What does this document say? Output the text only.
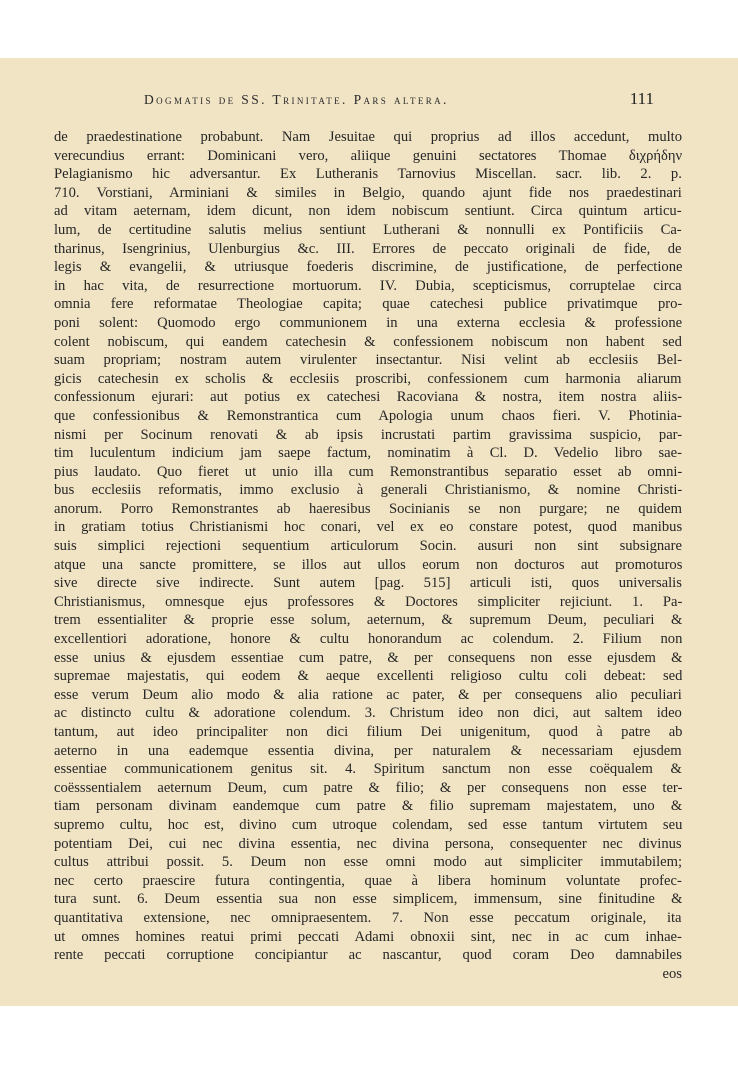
Dogmatis de SS. Trinitate. Pars altera.	111
de praedestinatione probabunt. Nam Jesuitae qui proprius ad illos accedunt, multo
verecundius errant: Dominicani vero, aliique genuini sectatores Thomae διχρήδην
Pelagianismo hic adversantur. Ex Lutheranis Tarnovius Miscellan. sacr. lib. 2. p.
710. Vorstiani, Arminiani & similes in Belgio, quando ajunt fide nos praedestinari
ad vitam aeternam, idem dicunt, non idem nobiscum sentiunt. Circa quintum articu-
lum, de certitudine salutis melius sentiunt Lutherani & nonnulli ex Pontificiis Ca-
tharinus, Isengrinius, Ulenburgius &c. III. Errores de peccato originali de fide, de
legis & evangelii, & utriusque foederis discrimine, de justificatione, de perfectione
in hac vita, de resurrectione mortuorum. IV. Dubia, scepticismus, corruptelae circa
omnia fere reformatae Theologiae capita; quae catechesi publice privatimque pro-
poni solent: Quomodo ergo communionem in una externa ecclesia & professione
colent nobiscum, qui eandem catechesin & confessionem nobiscum non habent sed
suam propriam; nostram autem virulenter insectantur. Nisi velint ab ecclesiis Bel-
gicis catechesin ex scholis & ecclesiis proscribi, confessionem cum harmonia aliarum
confessionum ejurari: aut potius ex catechesi Racoviana & nostra, item nostra aliis-
que confessionibus & Remonstrantica cum Apologia unum chaos fieri. V. Photinia-
nismi per Socinum renovati & ab ipsis incrustati partim gravissima suspicio, par-
tim luculentum indicium jam saepe factum, nominatim à Cl. D. Vedelio libro sae-
pius laudato. Quo fieret ut unio illa cum Remonstrantibus separatio esset ab omni-
bus ecclesiis reformatis, immo exclusio à generali Christianismo, & nomine Christi-
anorum. Porro Remonstrantes ab haeresibus Socinianis se non purgare; ne quidem
in gratiam totius Christianismi hoc conari, vel ex eo constare potest, quod manibus
suis simplici rejectioni sequentium articulorum Socin. ausuri non sint subsignare
atque una sancte promittere, se illos aut ullos eorum non docturos aut promoturos
sive directe sive indirecte. Sunt autem [pag. 515] articuli isti, quos universalis
Christianismus, omnesque ejus professores & Doctores simpliciter rejiciunt. 1. Pa-
trem essentialiter & proprie esse solum, aeternum, & supremum Deum, peculiari &
excellentiori adoratione, honore & cultu honorandum ac colendum. 2. Filium non
esse unius & ejusdem essentiae cum patre, & per consequens non esse ejusdem &
supremae majestatis, qui eodem & aeque excellenti religioso cultu coli debeat: sed
esse verum Deum alio modo & alia ratione ac pater, & per consequens alio peculiari
ac distincto cultu & adoratione colendum. 3. Christum ideo non dici, aut saltem ideo
tantum, aut ideo principaliter non dici filium Dei unigenitum, quod à patre ab
aeterno in una eademque essentia divina, per naturalem & necessariam ejusdem
essentiae communicationem genitus sit. 4. Spiritum sanctum non esse coëqualem &
coësssentialem aeternum Deum, cum patre & filio; & per consequens non esse ter-
tiam personam divinam eandemque cum patre & filio supremam majestatem, uno &
supremo cultu, hoc est, divino cum utroque colendam, sed esse tantum virtutem seu
potentiam Dei, cui nec divina essentia, nec divina persona, consequenter nec divinus
cultus attribui possit. 5. Deum non esse omni modo aut simpliciter immutabilem;
nec certo praescire futura contingentia, quae à libera hominum voluntate profec-
tura sunt. 6. Deum essentia sua non esse simplicem, immensum, sine finitudine &
quantitativa extensione, nec omnipraesentem. 7. Non esse peccatum originale, ita
ut omnes homines reatui primi peccati Adami obnoxii sint, nec in ac cum inhae-
rente peccati corruptione concipiantur ac nascantur, quod coram Deo damnabiles
eos
